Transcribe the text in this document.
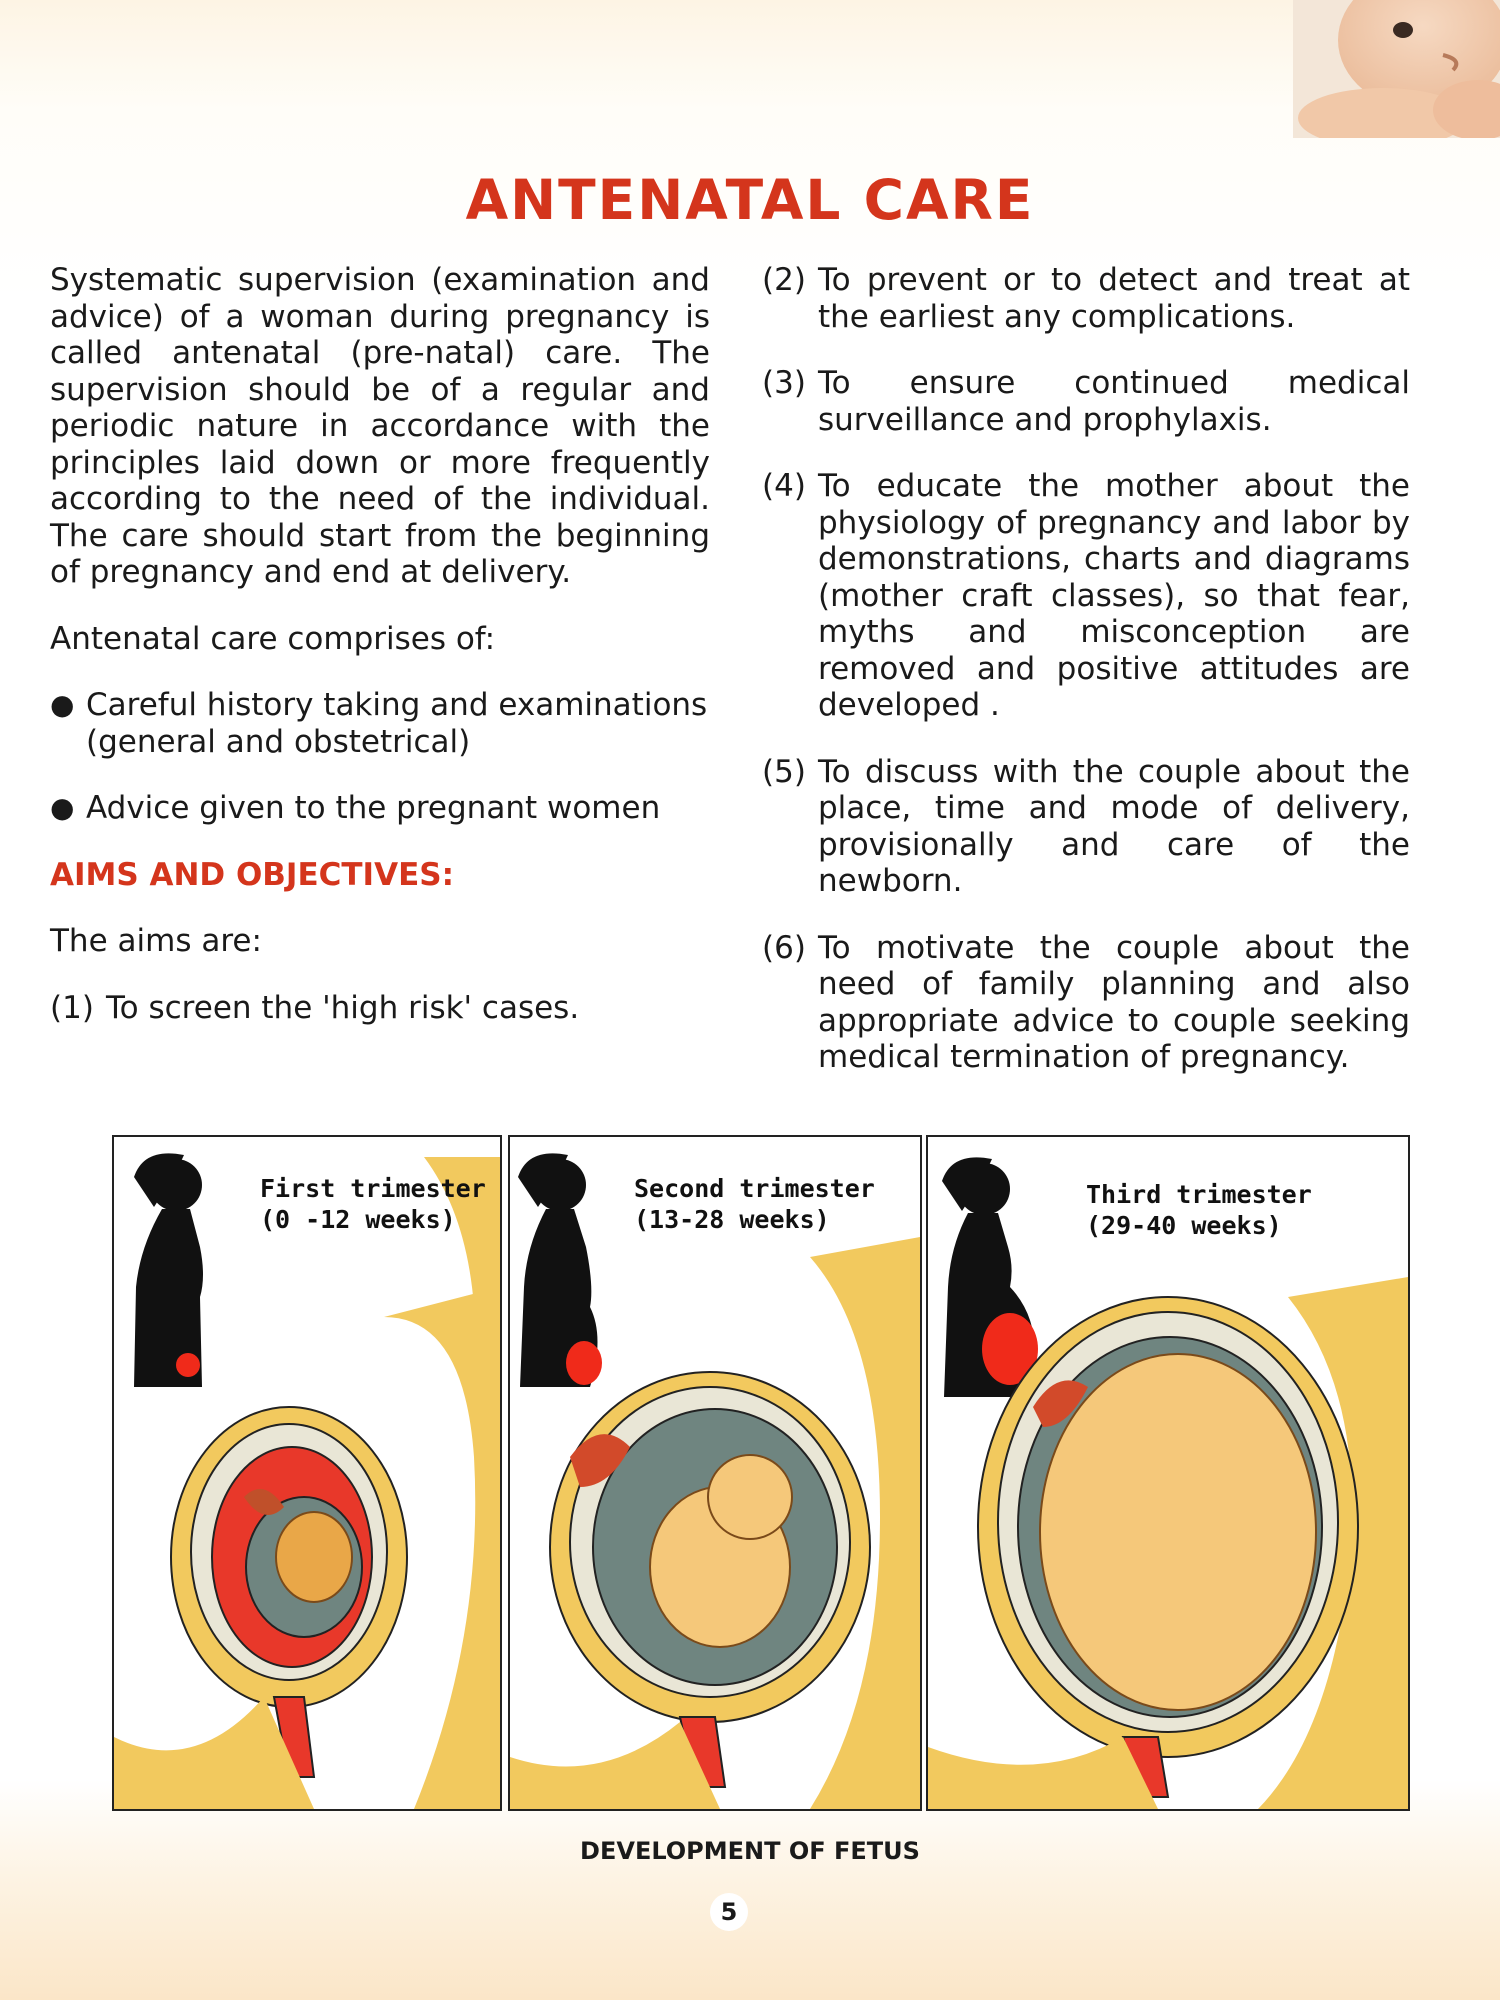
ANTENATAL CARE

Systematic supervision (examination and advice) of a woman during pregnancy is called antenatal (pre-natal) care. The supervision should be of a regular and periodic nature in accordance with the principles laid down or more frequently according to the need of the individual. The care should start from the beginning of pregnancy and end at delivery.

Antenatal care comprises of:

● Careful history taking and examinations (general and obstetrical)
● Advice given to the pregnant women

AIMS AND OBJECTIVES:

The aims are:

(1) To screen the 'high risk' cases.
(2) To prevent or to detect and treat at the earliest any complications.
(3) To ensure continued medical surveillance and prophylaxis.
(4) To educate the mother about the physiology of pregnancy and labor by demonstrations, charts and diagrams (mother craft classes), so that fear, myths and misconception are removed and positive attitudes are developed .
(5) To discuss with the couple about the place, time and mode of delivery, provisionally and care of the newborn.
(6) To motivate the couple about the need of family planning and also appropriate advice to couple seeking medical termination of pregnancy.
First trimester
(0 -12 weeks)
Second trimester
(13-28 weeks)
Third trimester
(29-40 weeks)

DEVELOPMENT OF FETUS

5
